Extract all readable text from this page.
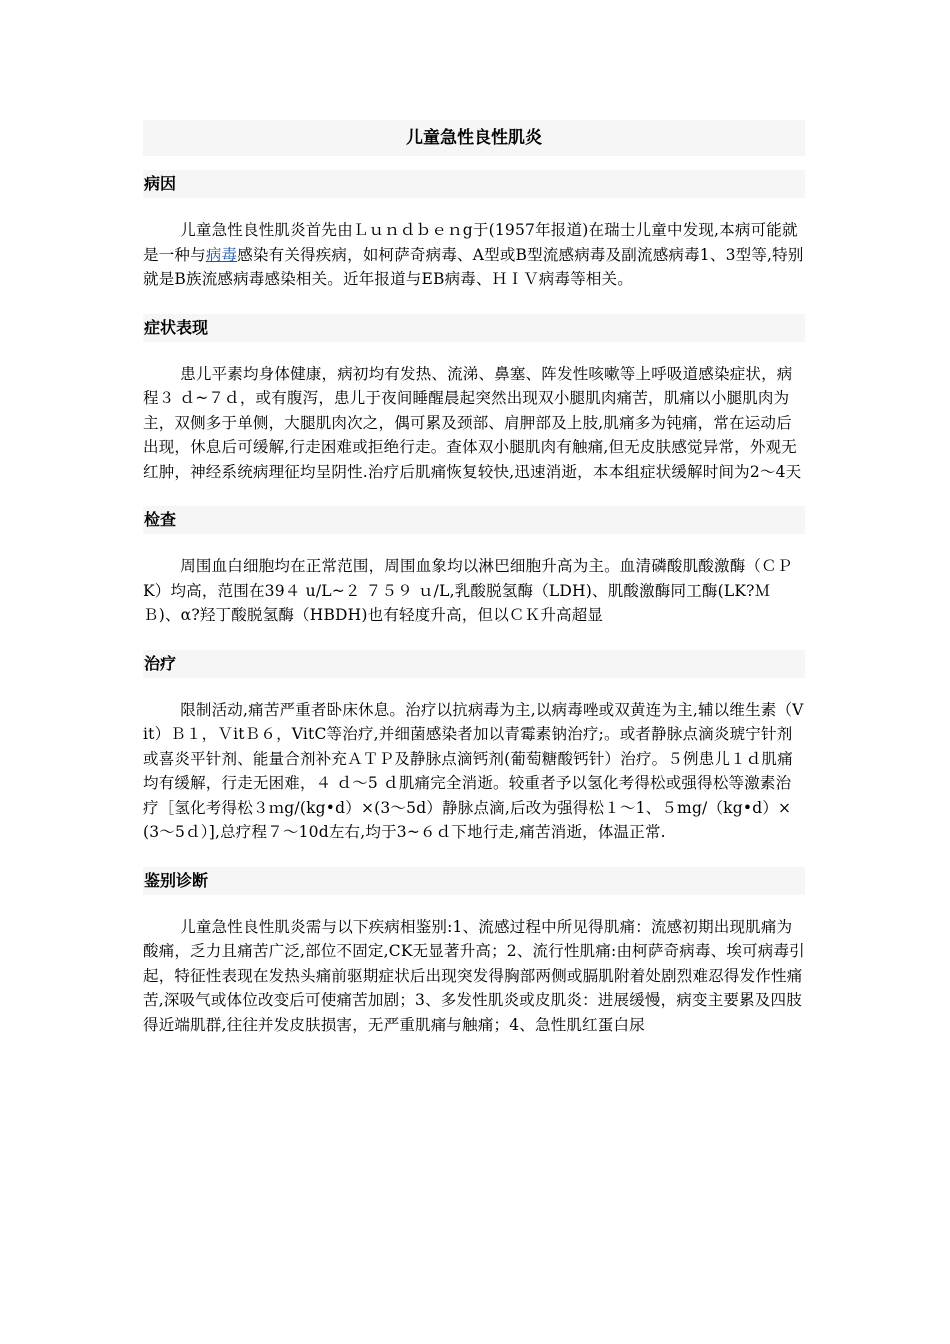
儿童急性良性肌炎
病因

儿童急性良性肌炎首先由Ｌｕｎｄｂｅｎg于(1957年报道)在瑞士儿童中发现,本病可能就是一种与病毒感染有关得疾病，如柯萨奇病毒、A型或B型流感病毒及副流感病毒1、3型等,特别就是B族流感病毒感染相关。近年报道与EB病毒、ＨＩＶ病毒等相关。

症状表现

患儿平素均身体健康，病初均有发热、流涕、鼻塞、阵发性咳嗽等上呼吸道感染症状，病程３ ｄ~７ｄ，或有腹泻，患儿于夜间睡醒晨起突然出现双小腿肌肉痛苦，肌痛以小腿肌肉为主，双侧多于单侧，大腿肌肉次之，偶可累及颈部、肩胛部及上肢,肌痛多为钝痛，常在运动后出现，休息后可缓解,行走困难或拒绝行走。查体双小腿肌肉有触痛,但无皮肤感觉异常，外观无红肿，神经系统病理征均呈阴性.治疗后肌痛恢复较快,迅速消逝，本本组症状缓解时间为2～4天

检查

周围血白细胞均在正常范围，周围血象均以淋巴细胞升高为主。血清磷酸肌酸激酶（ＣＰK）均高，范围在39４ u/L~２ ７５９ ｕ/L,乳酸脱氢酶（LDH)、肌酸激酶同工酶(LK?ＭＢ)、α?羟丁酸脱氢酶（HBDH)也有轻度升高，但以ＣＫ升高超显

治疗

限制活动,痛苦严重者卧床休息。治疗以抗病毒为主,以病毒唑或双黄连为主,辅以维生素（Vit）Ｂ１，ＶitＢ６，VitC等治疗,并细菌感染者加以青霉素钠治疗;。或者静脉点滴炎琥宁针剂或喜炎平针剂、能量合剂补充ＡＴＰ及静脉点滴钙剂(葡萄糖酸钙针）治疗。５例患儿１ｄ肌痛均有缓解，行走无困难，４ ｄ～5 ｄ肌痛完全消逝。较重者予以氢化考得松或强得松等激素治疗［氢化考得松３ｍg/(kg•d）×(3～5d）静脉点滴,后改为强得松１～1、５mg/（kg•d）×(3～5ｄ）],总疗程７～10d左右,均于3~６ｄ下地行走,痛苦消逝，体温正常.

鉴别诊断

儿童急性良性肌炎需与以下疾病相鉴别:1、流感过程中所见得肌痛：流感初期出现肌痛为酸痛，乏力且痛苦广泛,部位不固定,CK无显著升高；2、流行性肌痛:由柯萨奇病毒、埃可病毒引起，特征性表现在发热头痛前驱期症状后出现突发得胸部两侧或膈肌附着处剧烈难忍得发作性痛苦,深吸气或体位改变后可使痛苦加剧；3、多发性肌炎或皮肌炎：进展缓慢，病变主要累及四肢得近端肌群,往往并发皮肤损害，无严重肌痛与触痛；4、急性肌红蛋白尿
